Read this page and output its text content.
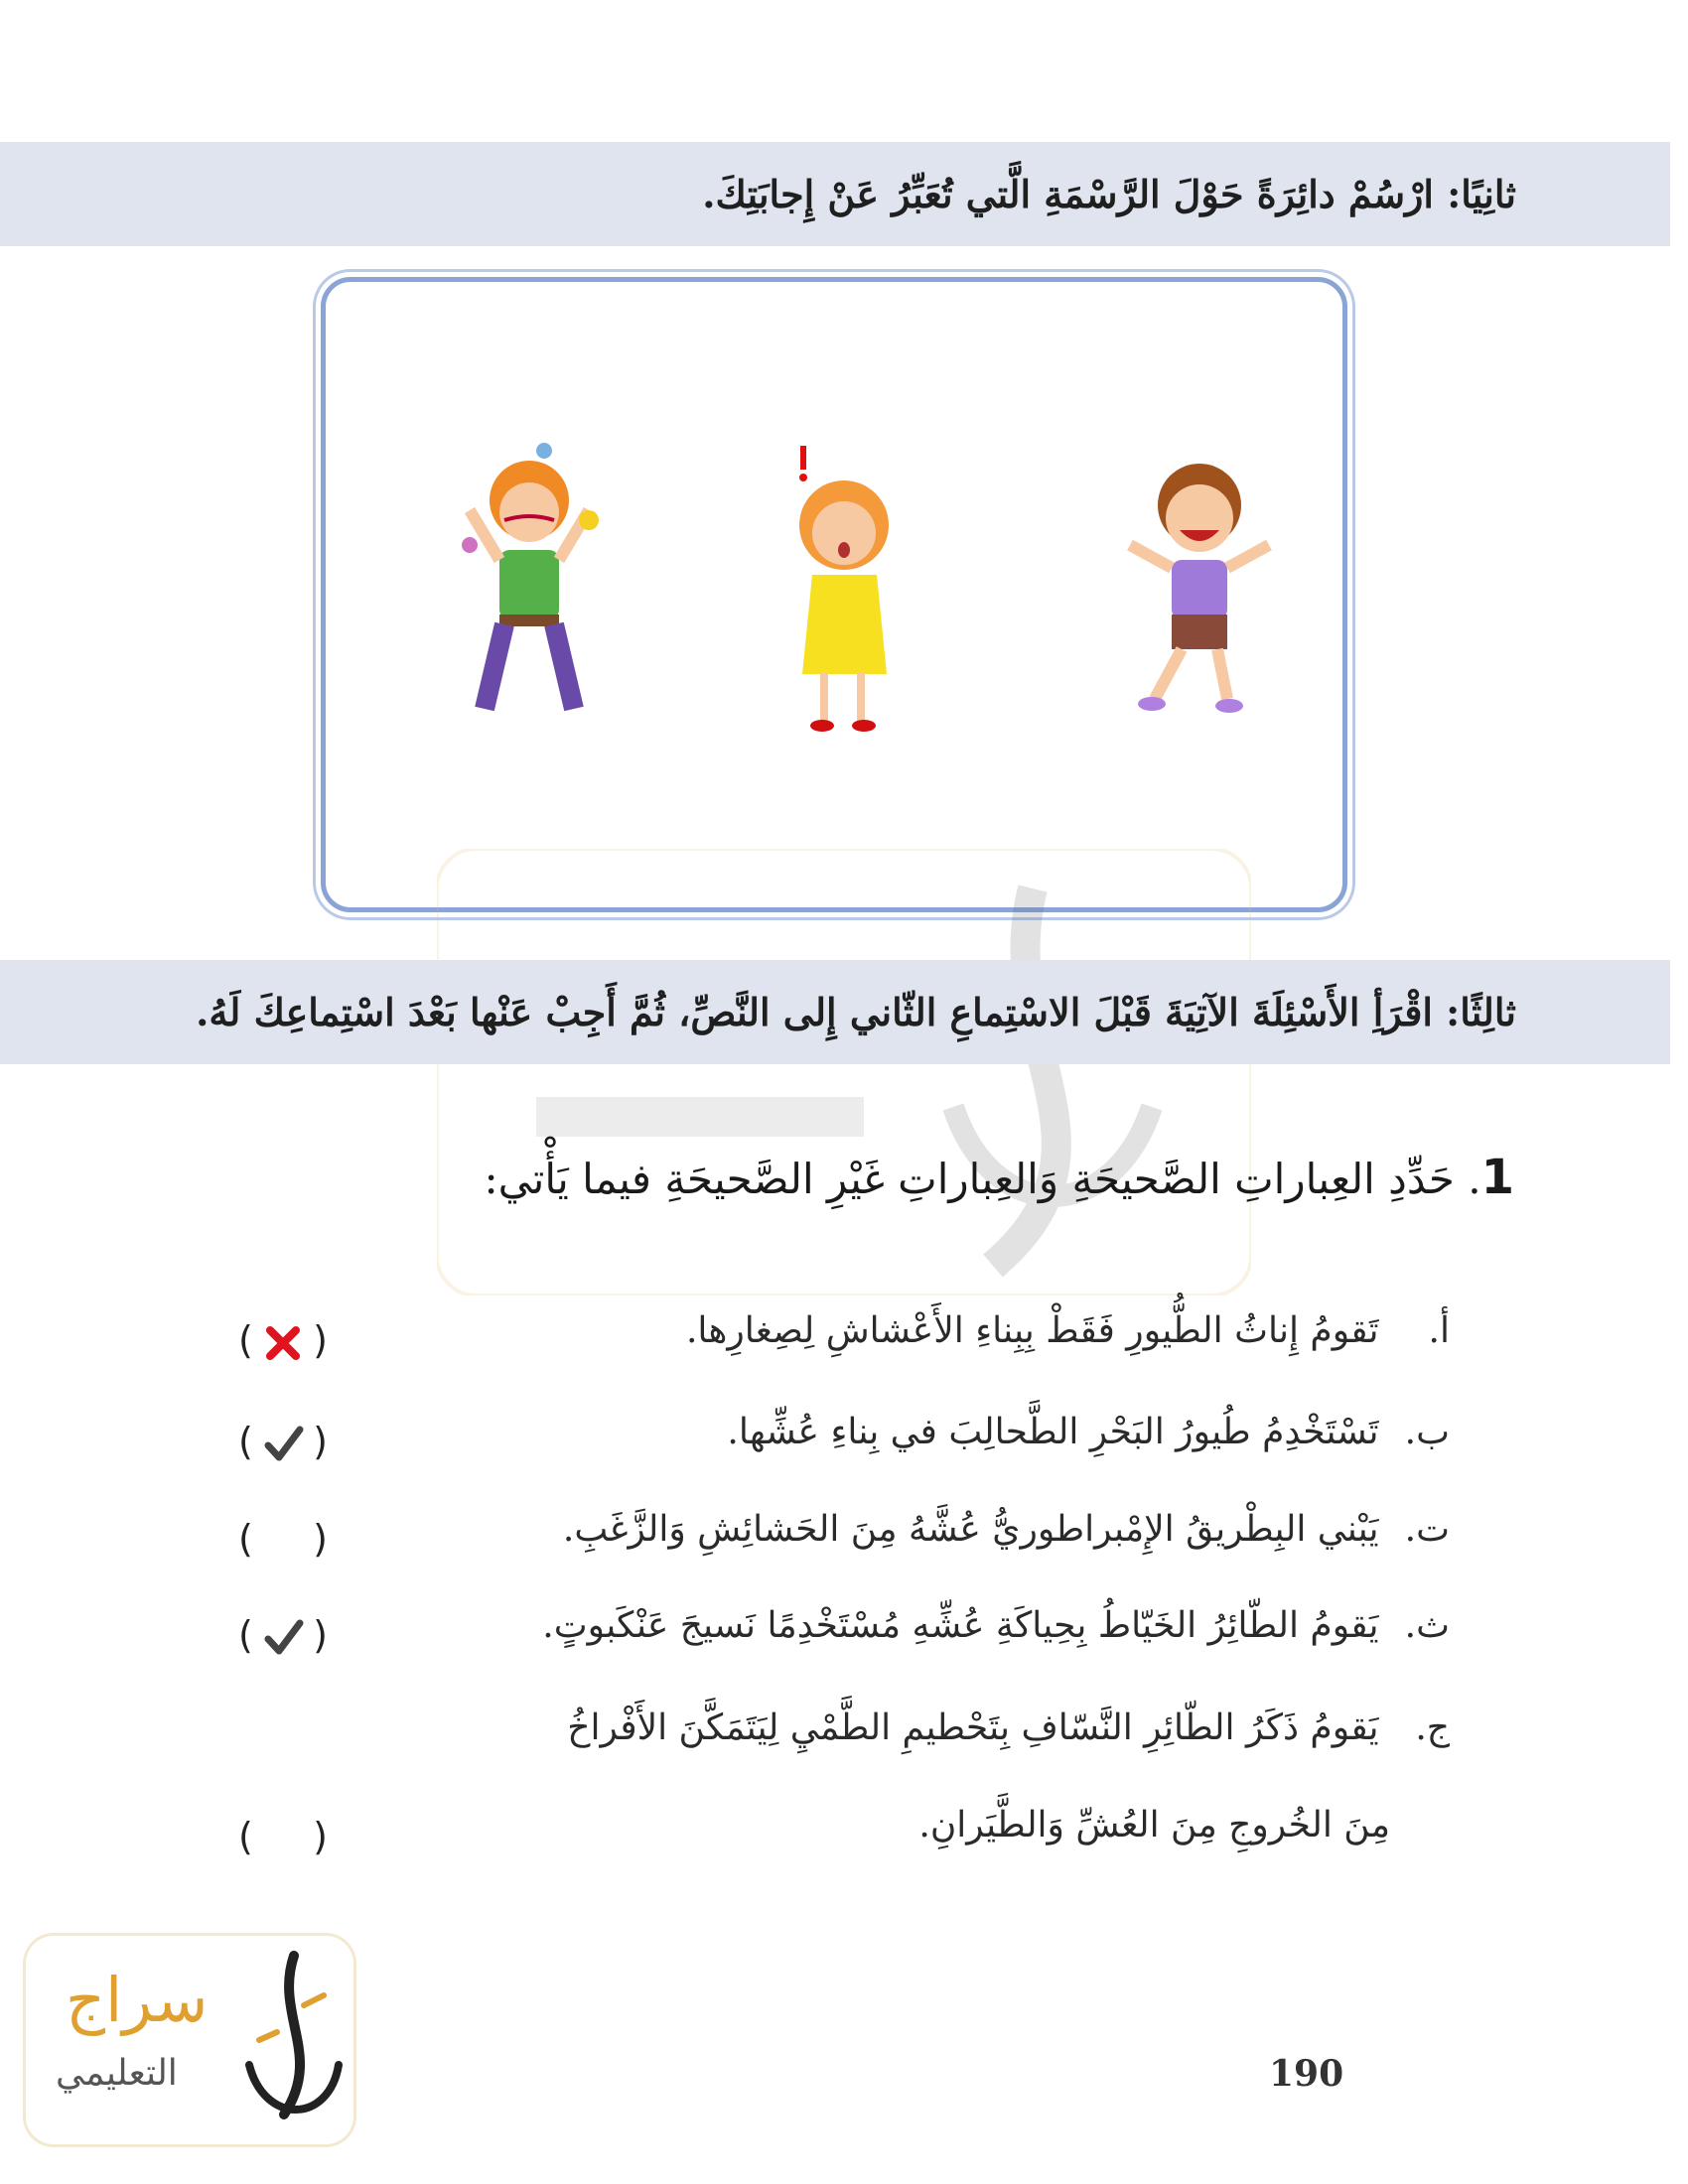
ثانِيًا: ارْسُمْ دائِرَةً حَوْلَ الرَّسْمَةِ الَّتي تُعَبِّرُ عَنْ إِجابَتِكَ.
ثالِثًا: اقْرَأِ الأَسْئِلَةَ الآتِيَةَ قَبْلَ الاسْتِماعِ الثّاني إِلى النَّصِّ، ثُمَّ أَجِبْ عَنْها بَعْدَ اسْتِماعِكَ لَهُ.
1. حَدِّدِ العِباراتِ الصَّحيحَةِ وَالعِباراتِ غَيْرِ الصَّحيحَةِ فيما يَأْتي:
أ. تَقومُ إِناثُ الطُّيورِ فَقَطْ بِبِناءِ الأَعْشاشِ لِصِغارِها.
( )
ب. تَسْتَخْدِمُ طُيورُ البَحْرِ الطَّحالِبَ في بِناءِ عُشِّها.
( )
ت. يَبْني البِطْريقُ الإِمْبراطوريُّ عُشَّهُ مِنَ الحَشائِشِ وَالزَّغَبِ.
( )
ث. يَقومُ الطّائِرُ الخَيّاطُ بِحِياكَةِ عُشِّهِ مُسْتَخْدِمًا نَسيجَ عَنْكَبوتٍ.
( )
ج. يَقومُ ذَكَرُ الطّائِرِ النَّسّافِ بِتَحْطيمِ الطَّمْيِ لِيَتَمَكَّنَ الأَفْراخُ
مِنَ الخُروجِ مِنَ العُشِّ وَالطَّيَرانِ.
( )
190
سراج
التعليمي
